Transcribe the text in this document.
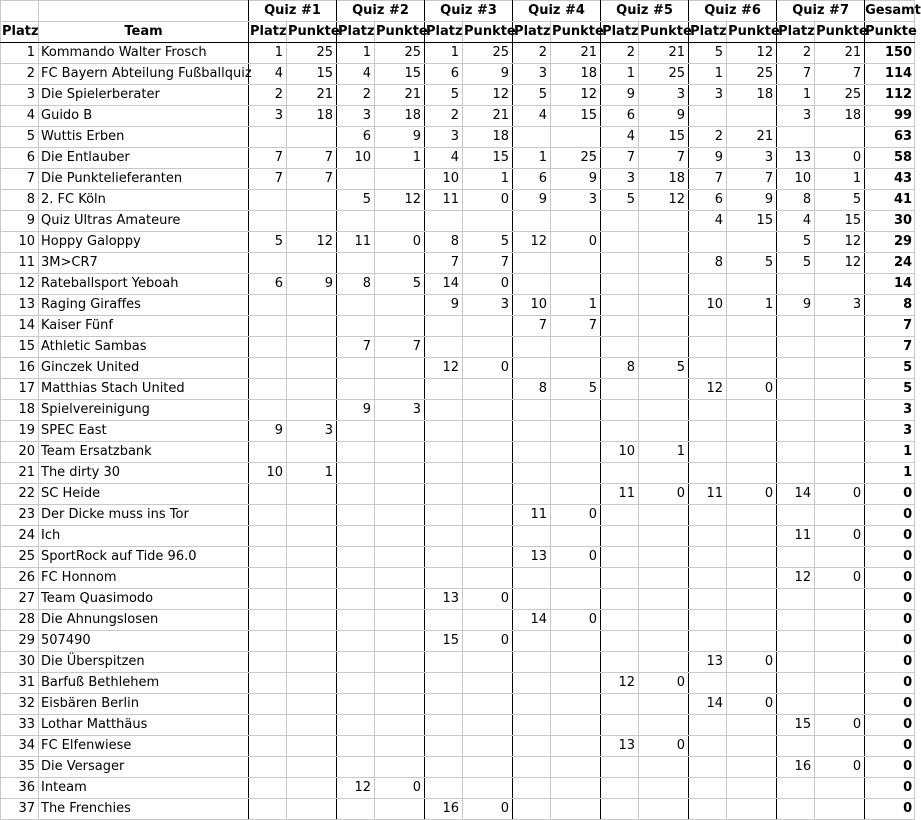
		Quiz #1		Quiz #2		Quiz #3		Quiz #4		Quiz #5		Quiz #6		Quiz #7		Gesamt
Platz	Team	Platz	Punkte	Platz	Punkte	Platz	Punkte	Platz	Punkte	Platz	Punkte	Platz	Punkte	Platz	Punkte	Punkte
1	Kommando Walter Frosch	1	25	1	25	1	25	2	21	2	21	5	12	2	21	150
2	FC Bayern Abteilung Fußballquiz	4	15	4	15	6	9	3	18	1	25	1	25	7	7	114
3	Die Spielerberater	2	21	2	21	5	12	5	12	9	3	3	18	1	25	112
4	Guido B	3	18	3	18	2	21	4	15	6	9			3	18	99
5	Wuttis Erben			6	9	3	18			4	15	2	21			63
6	Die Entlauber	7	7	10	1	4	15	1	25	7	7	9	3	13	0	58
7	Die Punktelieferanten	7	7			10	1	6	9	3	18	7	7	10	1	43
8	2. FC Köln			5	12	11	0	9	3	5	12	6	9	8	5	41
9	Quiz Ultras Amateure											4	15	4	15	30
10	Hoppy Galoppy	5	12	11	0	8	5	12	0					5	12	29
11	3M>CR7					7	7					8	5	5	12	24
12	Rateballsport Yeboah	6	9	8	5	14	0									14
13	Raging Giraffes					9	3	10	1			10	1	9	3	8
14	Kaiser Fünf							7	7							7
15	Athletic Sambas			7	7											7
16	Ginczek United					12	0			8	5					5
17	Matthias Stach United							8	5			12	0			5
18	Spielvereinigung			9	3											3
19	SPEC East	9	3													3
20	Team Ersatzbank									10	1					1
21	The dirty 30	10	1													1
22	SC Heide									11	0	11	0	14	0	0
23	Der Dicke muss ins Tor							11	0							0
24	Ich													11	0	0
25	SportRock auf Tide 96.0							13	0							0
26	FC Honnom													12	0	0
27	Team Quasimodo					13	0									0
28	Die Ahnungslosen							14	0							0
29	507490					15	0									0
30	Die Überspitzen											13	0			0
31	Barfuß Bethlehem									12	0					0
32	Eisbären Berlin											14	0			0
33	Lothar Matthäus													15	0	0
34	FC Elfenwiese									13	0					0
35	Die Versager													16	0	0
36	Inteam			12	0											0
37	The Frenchies					16	0									0
